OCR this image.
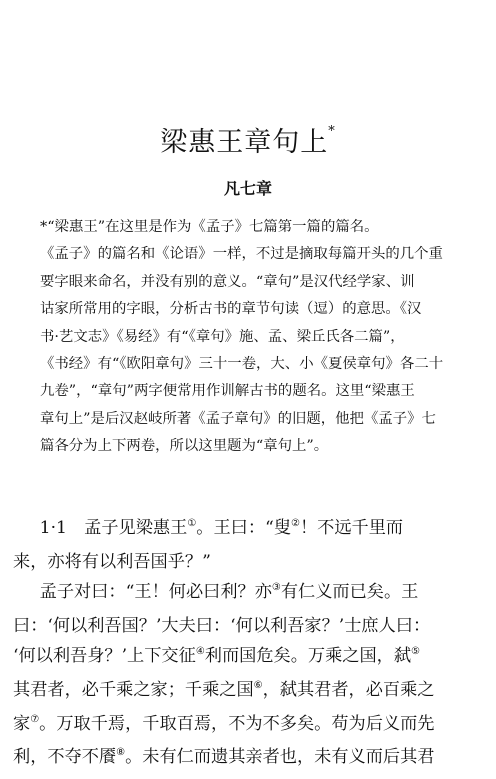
梁惠王章句上*
凡七章
*“梁惠王”在这里是作为《孟子》七篇第一篇的篇名。
《孟子》的篇名和《论语》一样，不过是摘取每篇开头的几个重
要字眼来命名，并没有别的意义。“章句”是汉代经学家、训
诂家所常用的字眼，分析古书的章节句读（逗）的意思。《汉
书·艺文志》《易经》有“《章句》施、孟、梁丘氏各二篇”，
《书经》有“《欧阳章句》三十一卷，大、小《夏侯章句》各二十
九卷”，“章句”两字便常用作训解古书的题名。这里“梁惠王
章句上”是后汉赵岐所著《孟子章句》的旧题，他把《孟子》七
篇各分为上下两卷，所以这里题为“章句上”。
1·1　孟子见梁惠王①。王曰：“叟②！不远千里而
来，亦将有以利吾国乎？”
孟子对曰：“王！何必曰利？亦③有仁义而已矣。王
曰：‘何以利吾国？’大夫曰：‘何以利吾家？’士庶人曰：
‘何以利吾身？’上下交征④利而国危矣。万乘之国，弑⑤
其君者，必千乘之家；千乘之国⑥，弑其君者，必百乘之
家⑦。万取千焉，千取百焉，不为不多矣。苟为后义而先
利，不夺不餍⑧。未有仁而遗其亲者也，未有义而后其君
